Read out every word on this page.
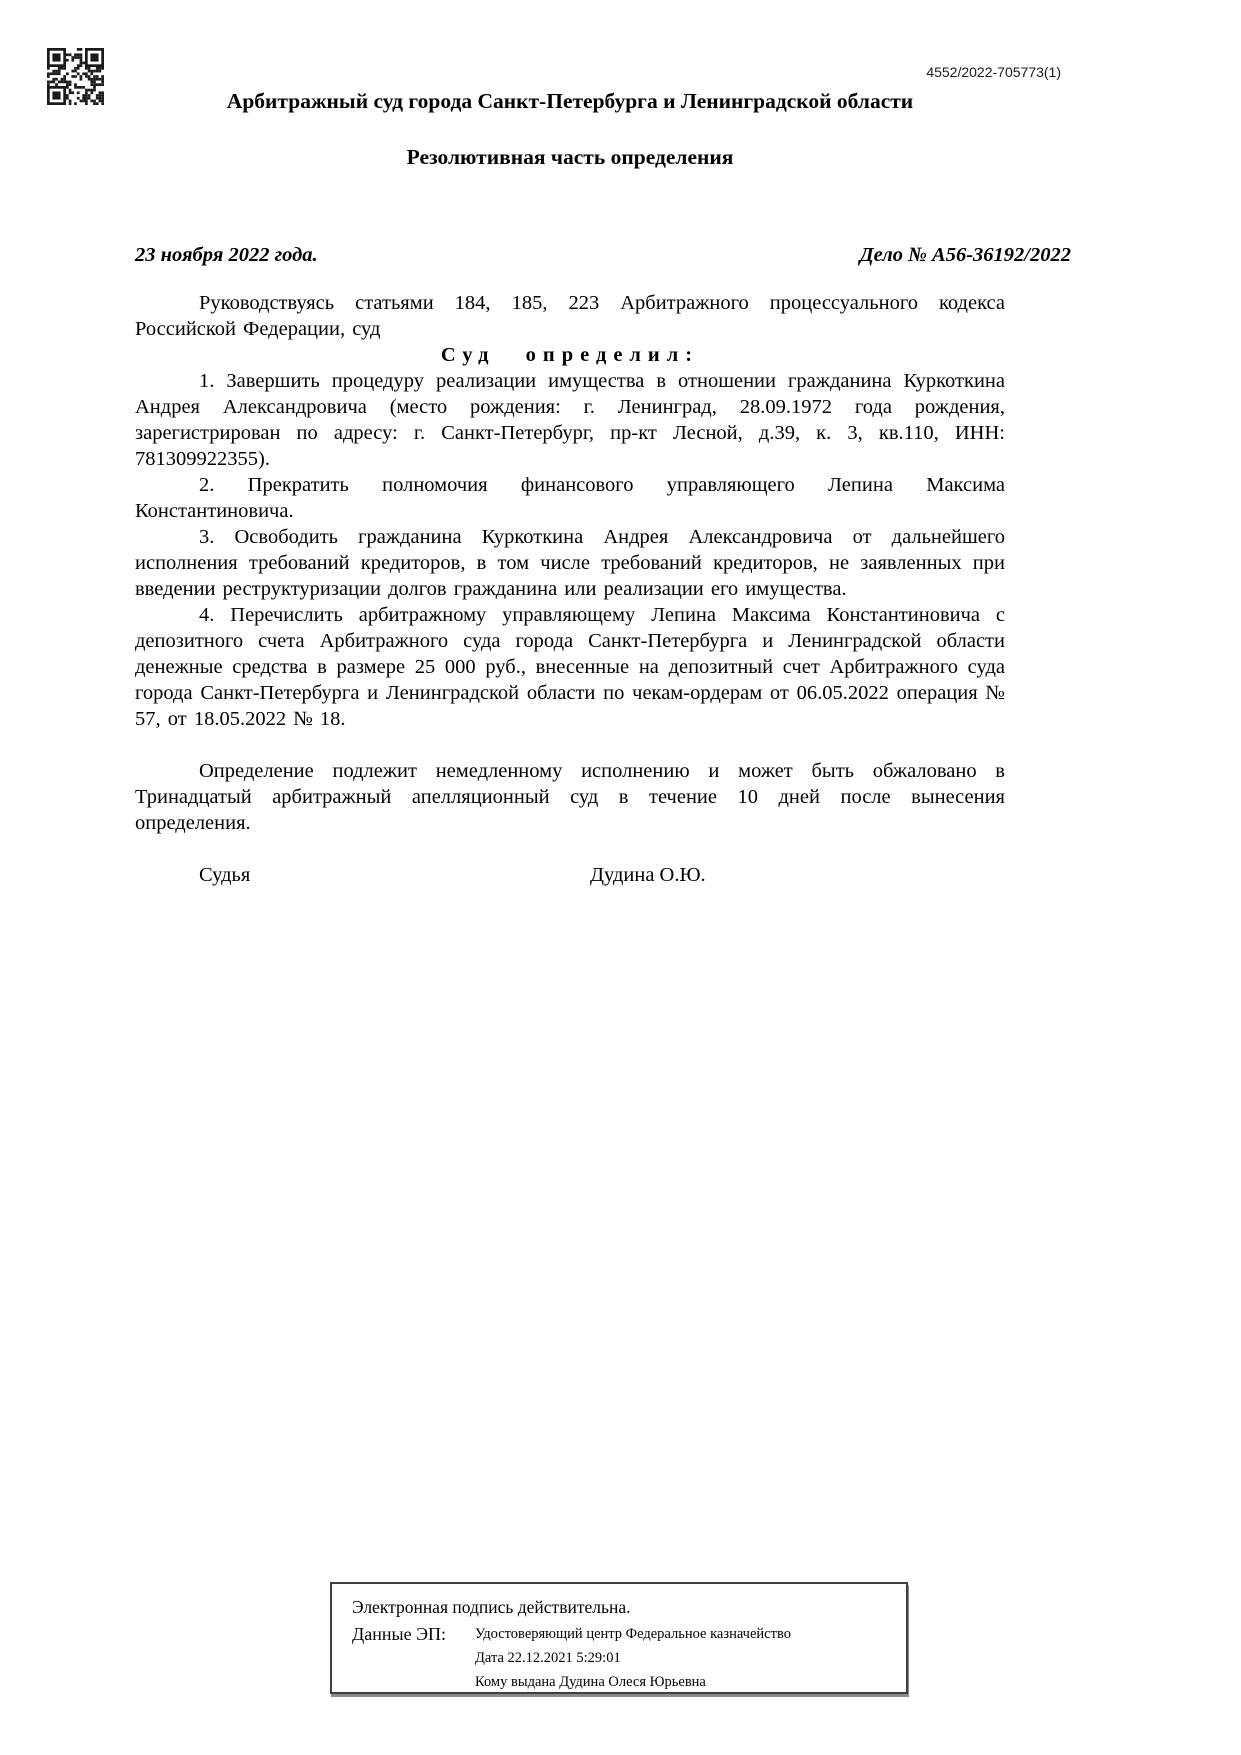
4552/2022-705773(1)
Арбитражный суд города Санкт-Петербурга и Ленинградской области
Резолютивная часть определения
23 ноября 2022 года.	Дело № А56-36192/2022

Руководствуясь статьями 184, 185, 223 Арбитражного процессуального кодекса Российской Федерации, суд

Суд определил:

1. Завершить процедуру реализации имущества в отношении гражданина Куркоткина Андрея Александровича (место рождения: г. Ленинград, 28.09.1972 года рождения, зарегистрирован по адресу: г. Санкт-Петербург, пр-кт Лесной, д.39, к. 3, кв.110, ИНН: 781309922355).

2. Прекратить полномочия финансового управляющего Лепина Максима Константиновича.

3. Освободить гражданина Куркоткина Андрея Александровича от дальнейшего исполнения требований кредиторов, в том числе требований кредиторов, не заявленных при введении реструктуризации долгов гражданина или реализации его имущества.

4. Перечислить арбитражному управляющему Лепина Максима Константиновича с депозитного счета Арбитражного суда города Санкт-Петербурга и Ленинградской области денежные средства в размере 25 000 руб., внесенные на депозитный счет Арбитражного суда города Санкт-Петербурга и Ленинградской области по чекам-ордерам от 06.05.2022 операция № 57, от 18.05.2022 № 18.

Определение подлежит немедленному исполнению и может быть обжаловано в Тринадцатый арбитражный апелляционный суд в течение 10 дней после вынесения определения.

Судья	Дудина О.Ю.
Электронная подпись действительна.
Данные ЭП:	Удостоверяющий центр Федеральное казначейство
Дата 22.12.2021 5:29:01
Кому выдана Дудина Олеся Юрьевна
